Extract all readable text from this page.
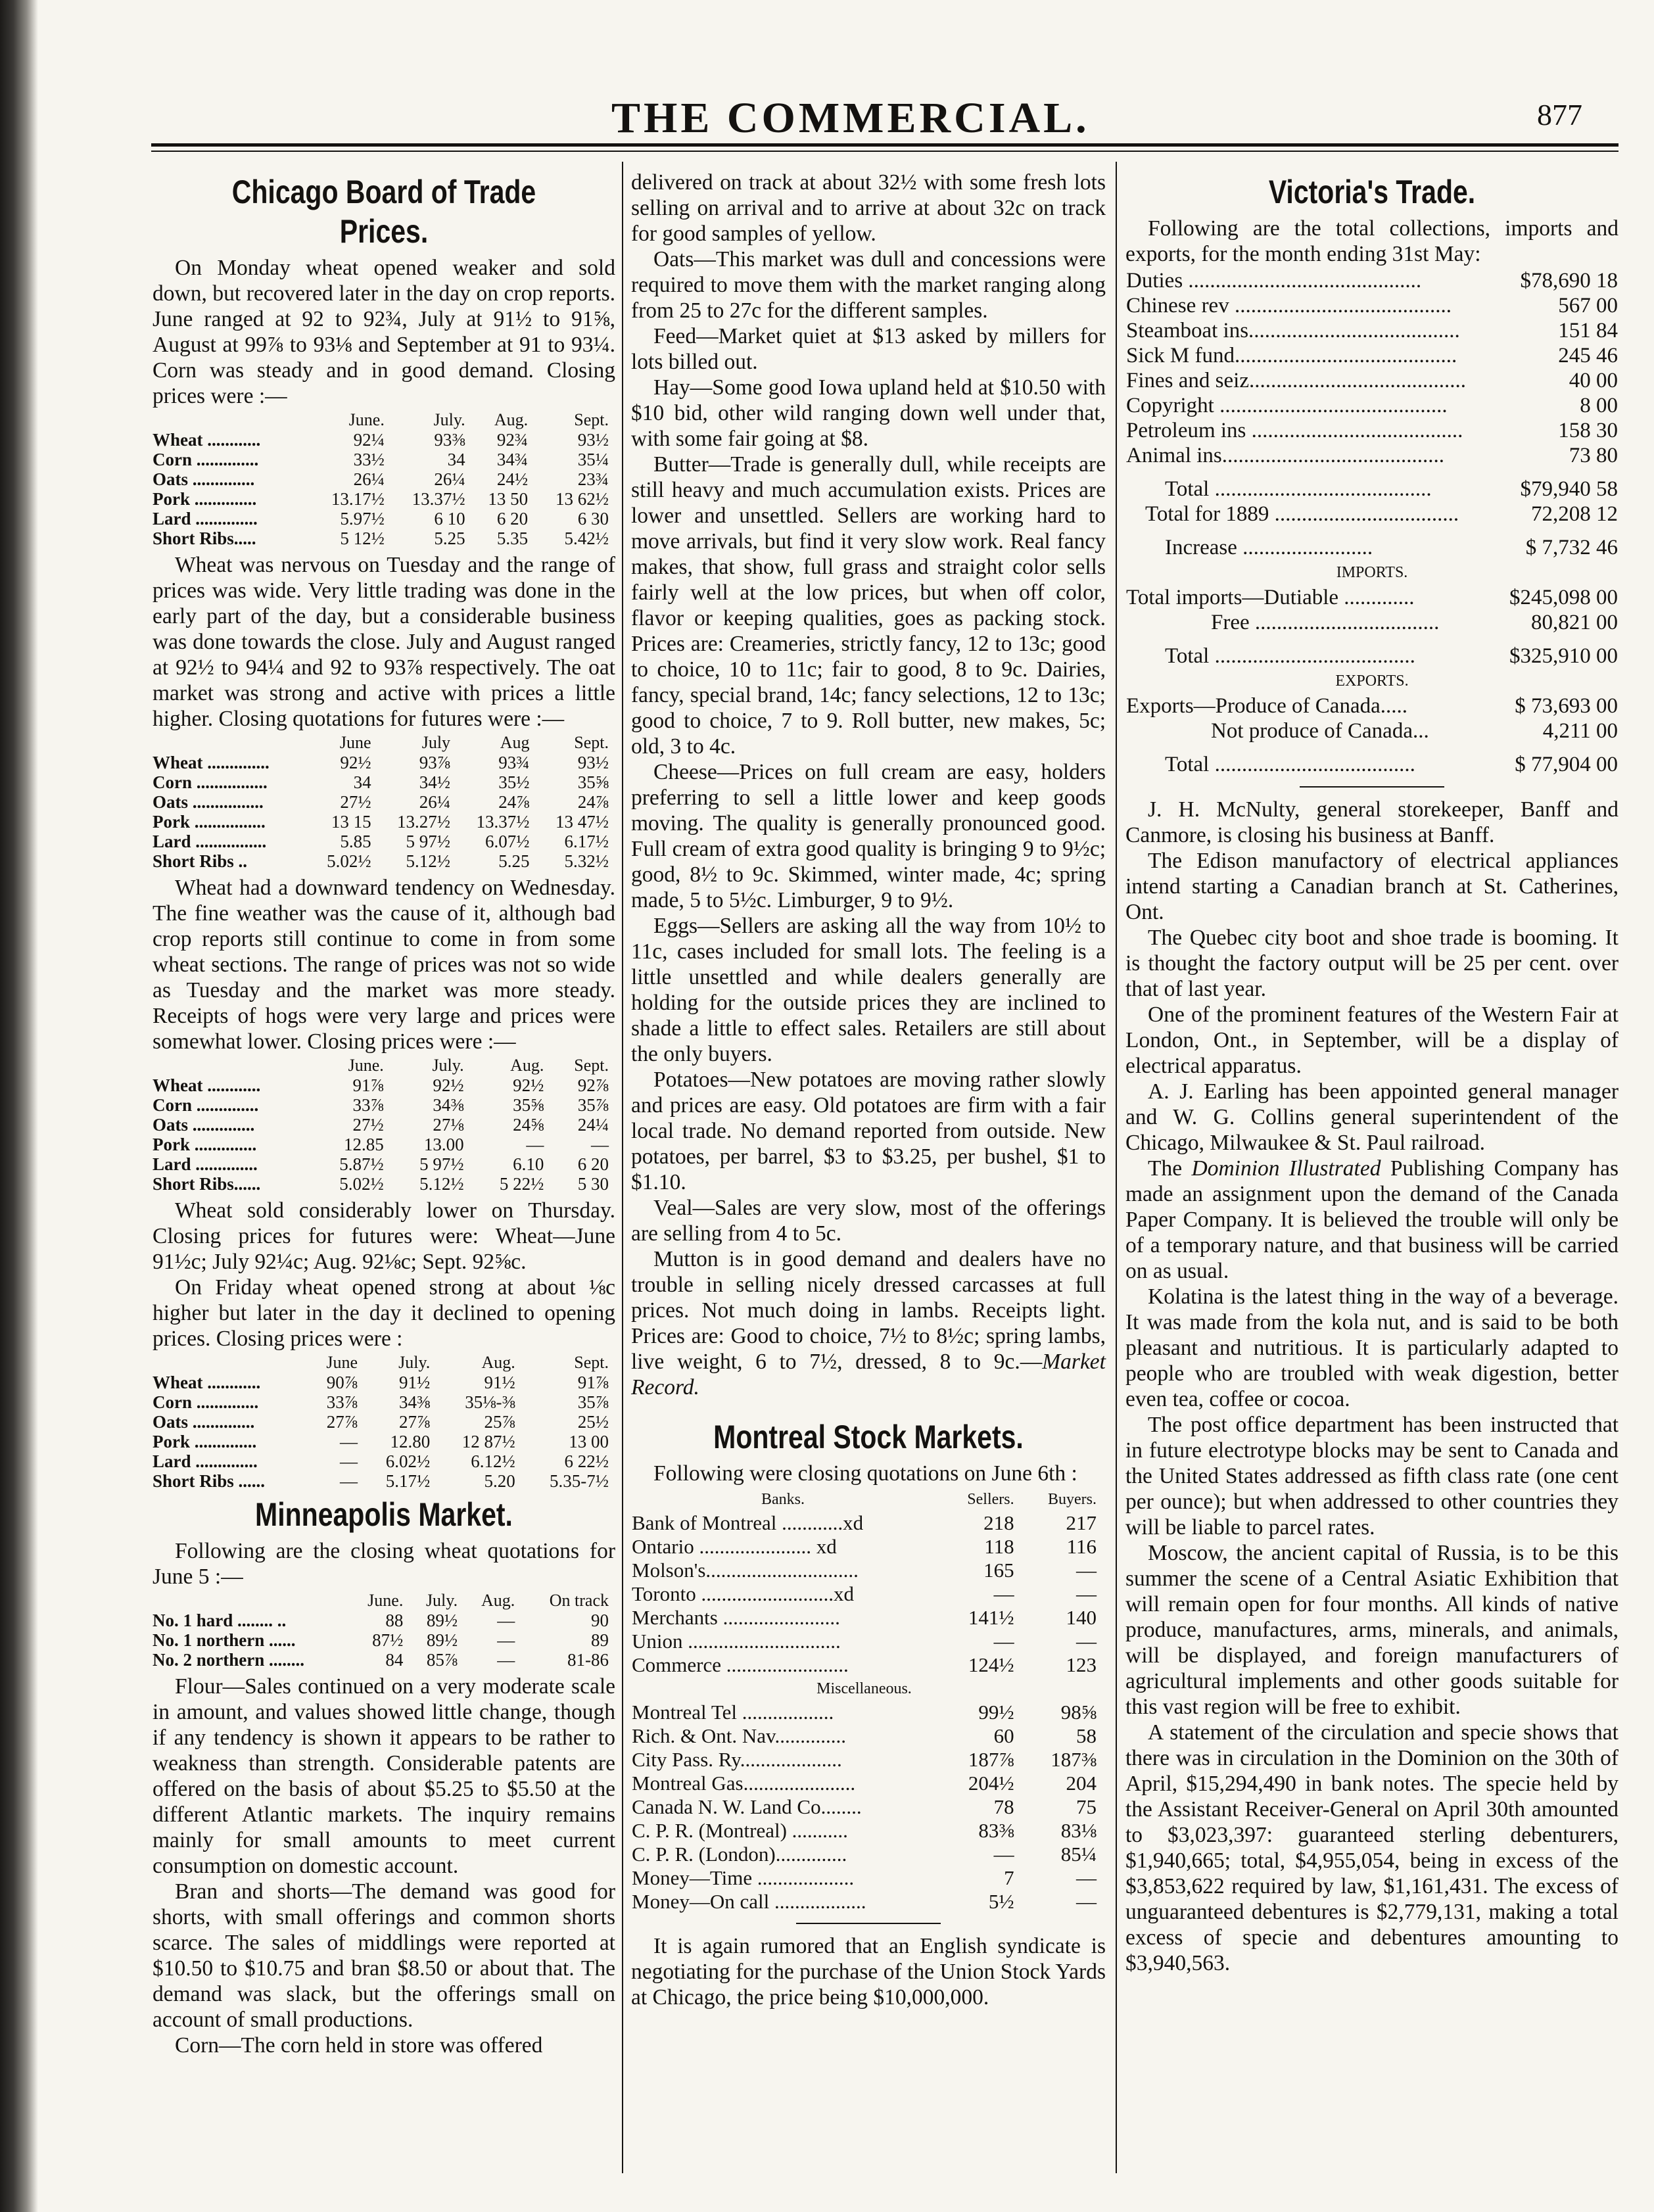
THE COMMERCIAL.	877
Chicago Board of Trade Prices.

On Monday wheat opened weaker and sold down, but recovered later in the day on crop reports. June ranged at 92 to 92¾, July at 91½ to 91⅝, August at 99⅞ to 93⅛ and September at 91 to 93¼. Corn was steady and in good demand. Closing prices were :—

	June.	July.	Aug.	Sept.
Wheat ............	92¼	93⅜	92¾	93½
Corn ..............	33½	34	34¾	35¼
Oats ..............	26¼	26¼	24½	23¾
Pork ..............	13.17½	13.37½	13 50	13 62½
Lard ..............	5.97½	6 10	6 20	6 30
Short Ribs.....	5 12½	5.25	5.35	5.42½

Wheat was nervous on Tuesday and the range of prices was wide. Very little trading was done in the early part of the day, but a considerable business was done towards the close. July and August ranged at 92½ to 94¼ and 92 to 93⅞ respectively. The oat market was strong and active with prices a little higher. Closing quotations for futures were :—

	June	July	Aug	Sept.
Wheat ..............	92½	93⅞	93¾	93½
Corn ................	34	34½	35½	35⅝
Oats ................	27½	26¼	24⅞	24⅞
Pork ................	13 15	13.27½	13.37½	13 47½
Lard ................	5.85	5 97½	6.07½	6.17½
Short Ribs ..	5.02½	5.12½	5.25	5.32½

Wheat had a downward tendency on Wednesday. The fine weather was the cause of it, although bad crop reports still continue to come in from some wheat sections. The range of prices was not so wide as Tuesday and the market was more steady. Receipts of hogs were very large and prices were somewhat lower. Closing prices were :—

	June.	July.	Aug.	Sept.
Wheat ............	91⅞	92½	92½	92⅞
Corn ..............	33⅞	34⅜	35⅝	35⅞
Oats ..............	27½	27⅛	24⅝	24¼
Pork ..............	12.85	13.00	—	—
Lard ..............	5.87½	5 97½	6.10	6 20
Short Ribs......	5.02½	5.12½	5 22½	5 30

Wheat sold considerably lower on Thursday. Closing prices for futures were: Wheat—June 91½c; July 92¼c; Aug. 92⅛c; Sept. 92⅝c.

On Friday wheat opened strong at about ⅛c higher but later in the day it declined to opening prices. Closing prices were :

	June	July.	Aug.	Sept.
Wheat ............	90⅞	91½	91½	91⅞
Corn ..............	33⅞	34⅜	35⅛-⅜	35⅞
Oats ..............	27⅞	27⅞	25⅞	25½
Pork ..............	—	12.80	12 87½	13 00
Lard ..............	—	6.02½	6.12½	6 22½
Short Ribs ......	—	5.17½	5.20	5.35-7½
Minneapolis Market.

Following are the closing wheat quotations for June 5 :—

	June.	July.	Aug.	On track
No. 1 hard ........ ..	88	89½	—	90
No. 1 northern ......	87½	89½	—	89
No. 2 northern ........	84	85⅞	—	81-86

Flour—Sales continued on a very moderate scale in amount, and values showed little change, though if any tendency is shown it appears to be rather to weakness than strength. Considerable patents are offered on the basis of about $5.25 to $5.50 at the different Atlantic markets. The inquiry remains mainly for small amounts to meet current consumption on domestic account.

Bran and shorts—The demand was good for shorts, with small offerings and common shorts scarce. The sales of middlings were reported at $10.50 to $10.75 and bran $8.50 or about that. The demand was slack, but the offerings small on account of small productions.

Corn—The corn held in store was offered

delivered on track at about 32½ with some fresh lots selling on arrival and to arrive at about 32c on track for good samples of yellow.

Oats—This market was dull and concessions were required to move them with the market ranging along from 25 to 27c for the different samples.

Feed—Market quiet at $13 asked by millers for lots billed out.

Hay—Some good Iowa upland held at $10.50 with $10 bid, other wild ranging down well under that, with some fair going at $8.

Butter—Trade is generally dull, while receipts are still heavy and much accumulation exists. Prices are lower and unsettled. Sellers are working hard to move arrivals, but find it very slow work. Real fancy makes, that show, full grass and straight color sells fairly well at the low prices, but when off color, flavor or keeping qualities, goes as packing stock. Prices are: Creameries, strictly fancy, 12 to 13c; good to choice, 10 to 11c; fair to good, 8 to 9c. Dairies, fancy, special brand, 14c; fancy selections, 12 to 13c; good to choice, 7 to 9. Roll butter, new makes, 5c; old, 3 to 4c.

Cheese—Prices on full cream are easy, holders preferring to sell a little lower and keep goods moving. The quality is generally pronounced good. Full cream of extra good quality is bringing 9 to 9½c; good, 8½ to 9c. Skimmed, winter made, 4c; spring made, 5 to 5½c. Limburger, 9 to 9½.

Eggs—Sellers are asking all the way from 10½ to 11c, cases included for small lots. The feeling is a little unsettled and while dealers generally are holding for the outside prices they are inclined to shade a little to effect sales. Retailers are still about the only buyers.

Potatoes—New potatoes are moving rather slowly and prices are easy. Old potatoes are firm with a fair local trade. No demand reported from outside. New potatoes, per barrel, $3 to $3.25, per bushel, $1 to $1.10.

Veal—Sales are very slow, most of the offerings are selling from 4 to 5c.

Mutton is in good demand and dealers have no trouble in selling nicely dressed carcasses at full prices. Not much doing in lambs. Receipts light. Prices are: Good to choice, 7½ to 8½c; spring lambs, live weight, 6 to 7½, dressed, 8 to 9c.—Market Record.

Montreal Stock Markets.

Following were closing quotations on June 6th :

Banks.	Sellers.	Buyers.
Bank of Montreal ............xd	218	217
Ontario ...................... xd	118	116
Molson's..............................	165	—
Toronto ..........................xd	—	—
Merchants .......................	141½	140
Union ..............................	—	—
Commerce ........................	124½	123
Miscellaneous.		
Montreal Tel ..................	99½	98⅝
Rich. & Ont. Nav..............	60	58
City Pass. Ry....................	187⅞	187⅜
Montreal Gas......................	204½	204
Canada N. W. Land Co........	78	75
C. P. R. (Montreal) ...........	83⅜	83⅛
C. P. R. (London)..............	—	85¼
Money—Time ...................	7	—
Money—On call ..................	5½	—

It is again rumored that an English syndicate is negotiating for the purchase of the Union Stock Yards at Chicago, the price being $10,000,000.

Victoria's Trade.

Following are the total collections, imports and exports, for the month ending 31st May:

Duties ...........................................	$78,690 18
Chinese rev ........................................	567 00
Steamboat ins.......................................	151 84
Sick M fund.........................................	245 46
Fines and seiz........................................	40 00
Copyright ..........................................	8 00
Petroleum ins .......................................	158 30
Animal ins.........................................	73 80
Total ........................................	$79,940 58
Total for 1889 ..................................	72,208 12
Increase ........................	$ 7,732 46
IMPORTS.	
Total imports—Dutiable .............	$245,098 00
Free ..................................	80,821 00
Total .....................................	$325,910 00
EXPORTS.	
Exports—Produce of Canada.....	$ 73,693 00
Not produce of Canada...	4,211 00
Total .....................................	$ 77,904 00

J. H. McNulty, general storekeeper, Banff and Canmore, is closing his business at Banff.

The Edison manufactory of electrical appliances intend starting a Canadian branch at St. Catherines, Ont.

The Quebec city boot and shoe trade is booming. It is thought the factory output will be 25 per cent. over that of last year.

One of the prominent features of the Western Fair at London, Ont., in September, will be a display of electrical apparatus.

A. J. Earling has been appointed general manager and W. G. Collins general superintendent of the Chicago, Milwaukee & St. Paul railroad.

The Dominion Illustrated Publishing Company has made an assignment upon the demand of the Canada Paper Company. It is believed the trouble will only be of a temporary nature, and that business will be carried on as usual.

Kolatina is the latest thing in the way of a beverage. It was made from the kola nut, and is said to be both pleasant and nutritious. It is particularly adapted to people who are troubled with weak digestion, better even tea, coffee or cocoa.

The post office department has been instructed that in future electrotype blocks may be sent to Canada and the United States addressed as fifth class rate (one cent per ounce); but when addressed to other countries they will be liable to parcel rates.

Moscow, the ancient capital of Russia, is to be this summer the scene of a Central Asiatic Exhibition that will remain open for four months. All kinds of native produce, manufactures, arms, minerals, and animals, will be displayed, and foreign manufacturers of agricultural implements and other goods suitable for this vast region will be free to exhibit.

A statement of the circulation and specie shows that there was in circulation in the Dominion on the 30th of April, $15,294,490 in bank notes. The specie held by the Assistant Receiver-General on April 30th amounted to $3,023,397: guaranteed sterling debenturers, $1,940,665; total, $4,955,054, being in excess of the $3,853,622 required by law, $1,161,431. The excess of unguaranteed debentures is $2,779,131, making a total excess of specie and debentures amounting to $3,940,563.
